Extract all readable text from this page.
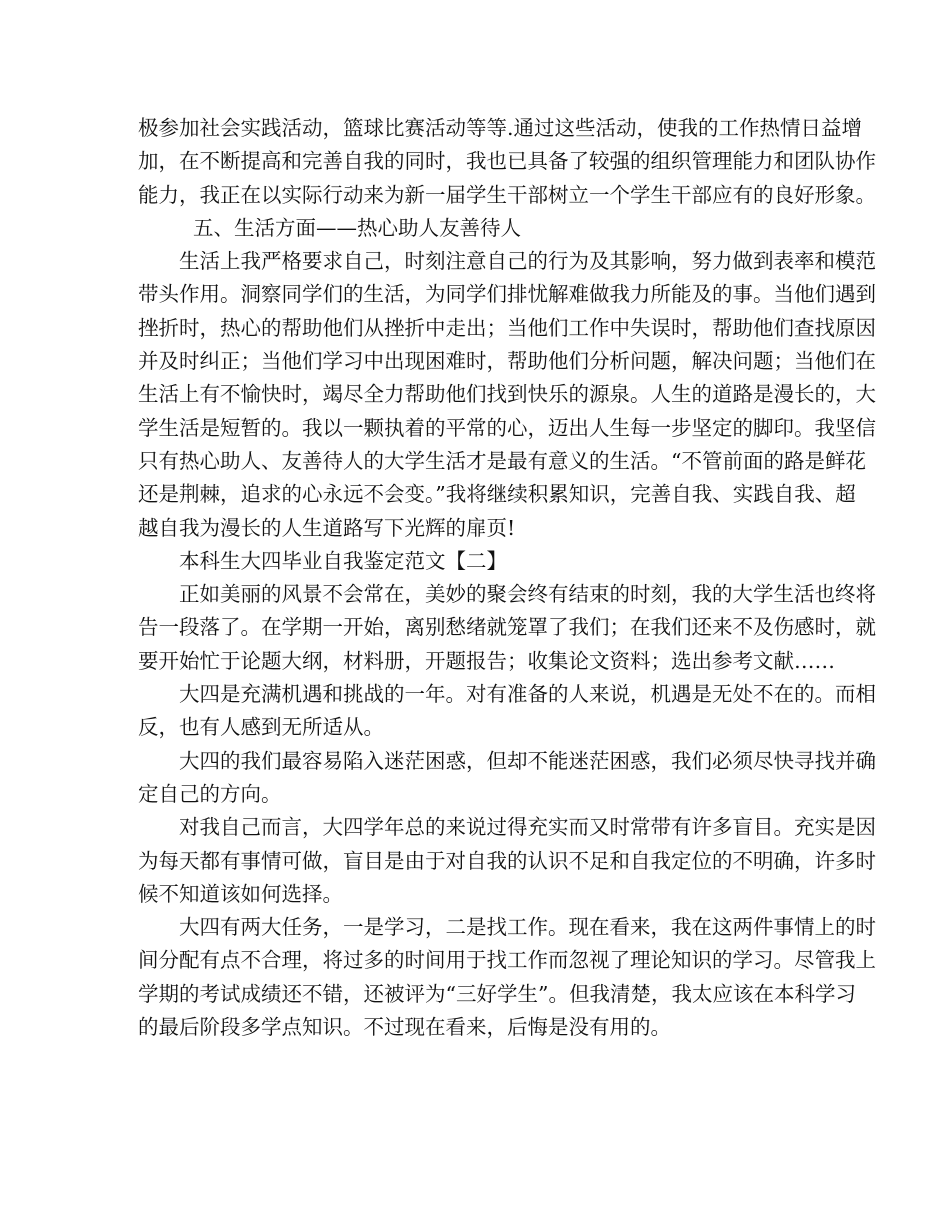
极参加社会实践活动，篮球比赛活动等等.通过这些活动，使我的工作热情日益增
加，在不断提高和完善自我的同时，我也已具备了较强的组织管理能力和团队协作
能力，我正在以实际行动来为新一届学生干部树立一个学生干部应有的良好形象。
五、生活方面——热心助人友善待人
生活上我严格要求自己，时刻注意自己的行为及其影响，努力做到表率和模范
带头作用。洞察同学们的生活，为同学们排忧解难做我力所能及的事。当他们遇到
挫折时，热心的帮助他们从挫折中走出；当他们工作中失误时，帮助他们查找原因
并及时纠正；当他们学习中出现困难时，帮助他们分析问题，解决问题；当他们在
生活上有不愉快时，竭尽全力帮助他们找到快乐的源泉。人生的道路是漫长的，大
学生活是短暂的。我以一颗执着的平常的心，迈出人生每一步坚定的脚印。我坚信
只有热心助人、友善待人的大学生活才是最有意义的生活。“不管前面的路是鲜花
还是荆棘，追求的心永远不会变。”我将继续积累知识，完善自我、实践自我、超
越自我为漫长的人生道路写下光辉的扉页!
本科生大四毕业自我鉴定范文【二】
正如美丽的风景不会常在，美妙的聚会终有结束的时刻，我的大学生活也终将
告一段落了。在学期一开始，离别愁绪就笼罩了我们；在我们还来不及伤感时，就
要开始忙于论题大纲，材料册，开题报告；收集论文资料；选出参考文献……
大四是充满机遇和挑战的一年。对有准备的人来说，机遇是无处不在的。而相
反，也有人感到无所适从。
大四的我们最容易陷入迷茫困惑，但却不能迷茫困惑，我们必须尽快寻找并确
定自己的方向。
对我自己而言，大四学年总的来说过得充实而又时常带有许多盲目。充实是因
为每天都有事情可做，盲目是由于对自我的认识不足和自我定位的不明确，许多时
候不知道该如何选择。
大四有两大任务，一是学习，二是找工作。现在看来，我在这两件事情上的时
间分配有点不合理，将过多的时间用于找工作而忽视了理论知识的学习。尽管我上
学期的考试成绩还不错，还被评为“三好学生”。但我清楚，我太应该在本科学习
的最后阶段多学点知识。不过现在看来，后悔是没有用的。
